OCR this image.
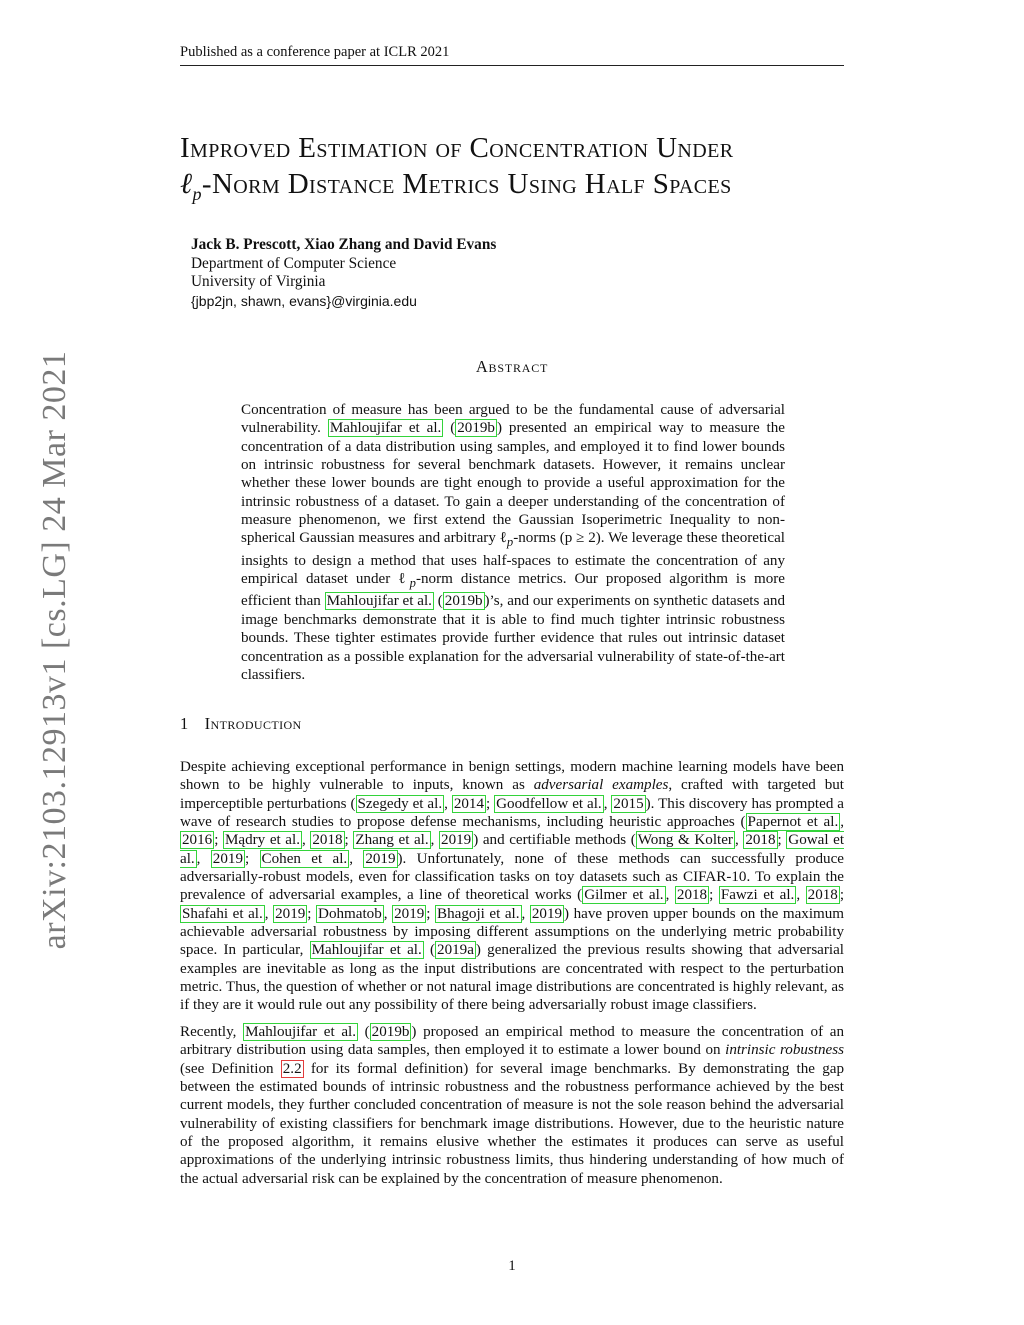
Published as a conference paper at ICLR 2021
arXiv:2103.12913v1 [cs.LG] 24 Mar 2021
Improved Estimation of Concentration Under
ℓ$_p$-Norm Distance Metrics Using Half Spaces
Jack B. Prescott, Xiao Zhang and David Evans
Department of Computer Science
University of Virginia
{jbp2jn, shawn, evans}@virginia.edu
Abstract
Concentration of measure has been argued to be the fundamental cause of adversarial vulnerability. Mahloujifar et al. ( 2019b ) presented an empirical way to measure the concentration of a data distribution using samples, and employed it to find lower bounds on intrinsic robustness for several benchmark datasets. However, it remains unclear whether these lower bounds are tight enough to provide a useful approximation for the intrinsic robustness of a dataset. To gain a deeper understanding of the concentration of measure phenomenon, we first extend the Gaussian Isoperimetric Inequality to non-spherical Gaussian measures and arbitrary ℓ$_p$-norms (p ≥ 2). We leverage these theoretical insights to design a method that uses half-spaces to estimate the concentration of any empirical dataset under ℓ$_p$-norm distance metrics. Our proposed algorithm is more efficient than Mahloujifar et al. ( 2019b )’s, and our experiments on synthetic datasets and image benchmarks demonstrate that it is able to find much tighter intrinsic robustness bounds. These tighter estimates provide further evidence that rules out intrinsic dataset concentration as a possible explanation for the adversarial vulnerability of state-of-the-art classifiers.
1 Introduction

Despite achieving exceptional performance in benign settings, modern machine learning models have been shown to be highly vulnerable to inputs, known as adversarial examples, crafted with targeted but imperceptible perturbations ( Szegedy et al. , 2014 ; Goodfellow et al. , 2015 ). This discovery has prompted a wave of research studies to propose defense mechanisms, including heuristic approaches ( Papernot et al. , 2016 ; Mądry et al. , 2018 ; Zhang et al. , 2019 ) and certifiable methods ( Wong & Kolter , 2018 ; Gowal et al. , 2019 ; Cohen et al. , 2019 ). Unfortunately, none of these methods can successfully produce adversarially-robust models, even for classification tasks on toy datasets such as CIFAR-10. To explain the prevalence of adversarial examples, a line of theoretical works ( Gilmer et al. , 2018 ; Fawzi et al. , 2018 ; Shafahi et al. , 2019 ; Dohmatob , 2019 ; Bhagoji et al. , 2019 ) have proven upper bounds on the maximum achievable adversarial robustness by imposing different assumptions on the underlying metric probability space. In particular, Mahloujifar et al. ( 2019a ) generalized the previous results showing that adversarial examples are inevitable as long as the input distributions are concentrated with respect to the perturbation metric. Thus, the question of whether or not natural image distributions are concentrated is highly relevant, as if they are it would rule out any possibility of there being adversarially robust image classifiers.

Recently, Mahloujifar et al. ( 2019b ) proposed an empirical method to measure the concentration of an arbitrary distribution using data samples, then employed it to estimate a lower bound on intrinsic robustness (see Definition 2.2 for its formal definition) for several image benchmarks. By demonstrating the gap between the estimated bounds of intrinsic robustness and the robustness performance achieved by the best current models, they further concluded concentration of measure is not the sole reason behind the adversarial vulnerability of existing classifiers for benchmark image distributions. However, due to the heuristic nature of the proposed algorithm, it remains elusive whether the estimates it produces can serve as useful approximations of the underlying intrinsic robustness limits, thus hindering understanding of how much of the actual adversarial risk can be explained by the concentration of measure phenomenon.

1
